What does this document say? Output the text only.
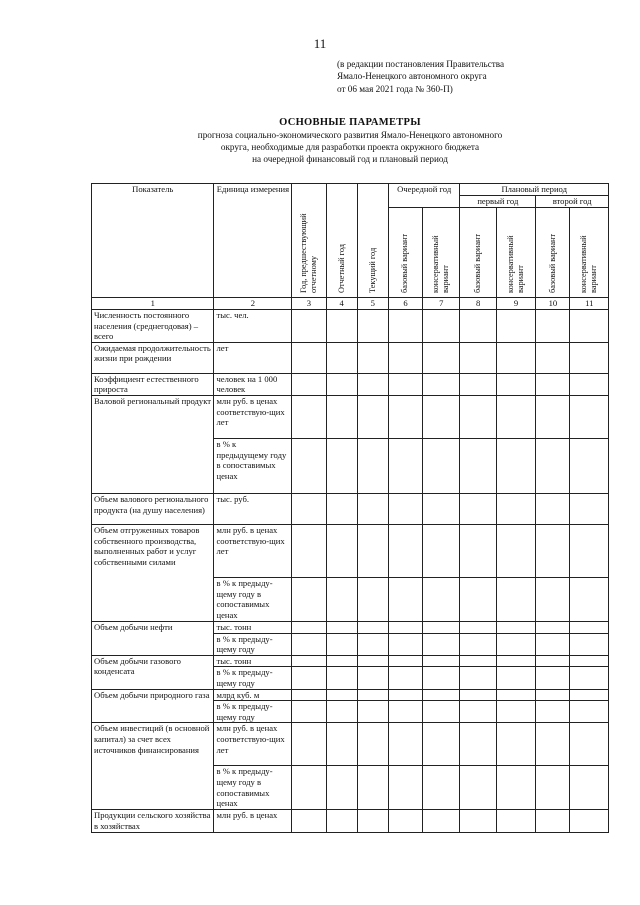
11
(в редакции постановления Правительства
Ямало-Ненецкого автономного округа
от 06 мая 2021 года № 360-П)
ОСНОВНЫЕ ПАРАМЕТРЫ
прогноза социально-экономического развития Ямало-Ненецкого автономного
округа, необходимые для разработки проекта окружного бюджета
на очередной финансовый год и плановый период
Показатель	Единица измерения	Год, предшествующий отчетному	Отчетный год	Текущий год	Очередной год		Плановый период			
							первый год		второй год	

					базовый вариант	консервативный вариант	базовый вариант	консервативный вариант	базовый вариант	консервативный вариант

1	2	3	4	5	6	7	8	9	10	11
Численность постоянного населения (среднегодовая) – всего	тыс. чел.									
Ожидаемая продолжительность жизни при рождении	лет									
Коэффициент естественного прироста	человек на 1 000 человек									
Валовой региональный продукт	млн руб. в ценах соответствую-щих лет									
	в % к предыдущему году в сопоставимых ценах									
Объем валового регионального продукта (на душу населения)	тыс. руб.									
Объем отгруженных товаров собственного производства, выполненных работ и услуг собственными силами	млн руб. в ценах соответствую-щих лет									
	в % к предыду-щему году в сопоставимых ценах									
Объем добычи нефти	тыс. тонн									
	в % к предыду-щему году									
Объем добычи газового конденсата	тыс. тонн									
	в % к предыду-щему году									
Объем добычи природного газа	млрд куб. м									
	в % к предыду-щему году									
Объем инвестиций (в основной капитал) за счет всех источников финансирования	млн руб. в ценах соответствую-щих лет									
	в % к предыду-щему году в сопоставимых ценах									
Продукции сельского хозяйства в хозяйствах	млн руб. в ценах									
